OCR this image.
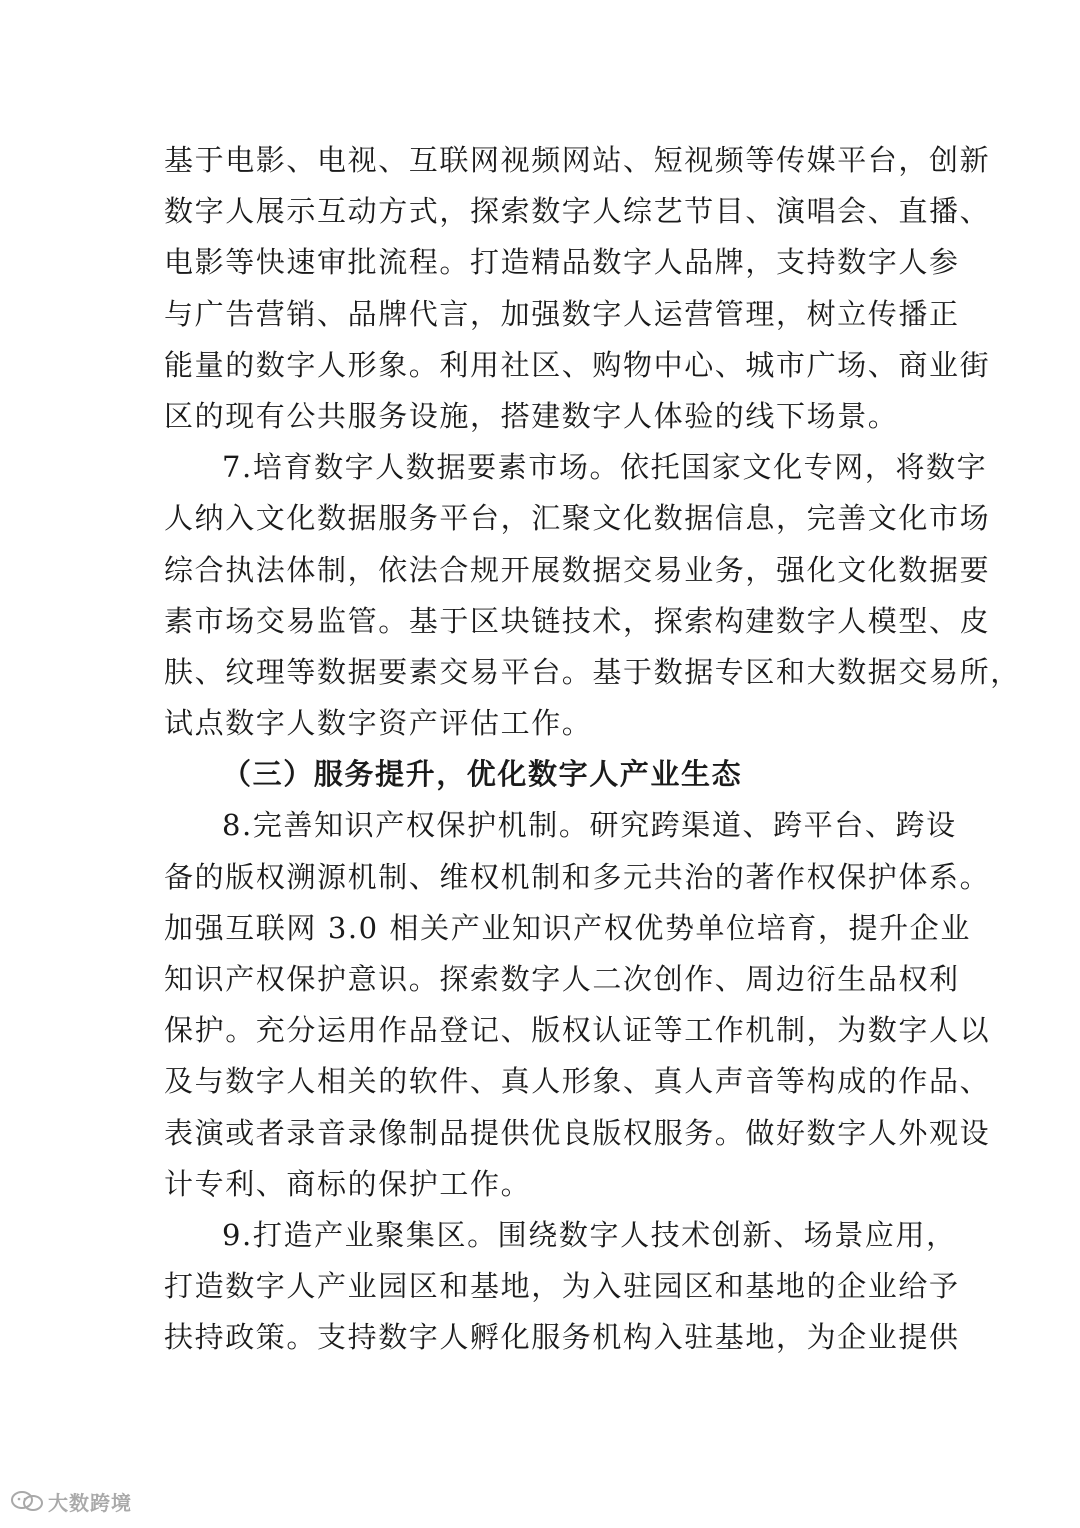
基于电影、电视、互联网视频网站、短视频等传媒平台，创新
数字人展示互动方式，探索数字人综艺节目、演唱会、直播、
电影等快速审批流程。打造精品数字人品牌，支持数字人参
与广告营销、品牌代言，加强数字人运营管理，树立传播正
能量的数字人形象。利用社区、购物中心、城市广场、商业街
区的现有公共服务设施，搭建数字人体验的线下场景。
7.培育数字人数据要素市场。依托国家文化专网，将数字
人纳入文化数据服务平台，汇聚文化数据信息，完善文化市场
综合执法体制，依法合规开展数据交易业务，强化文化数据要
素市场交易监管。基于区块链技术，探索构建数字人模型、皮
肤、纹理等数据要素交易平台。基于数据专区和大数据交易所，
试点数字人数字资产评估工作。
（三）服务提升，优化数字人产业生态
8.完善知识产权保护机制。研究跨渠道、跨平台、跨设
备的版权溯源机制、维权机制和多元共治的著作权保护体系。
加强互联网 3.0 相关产业知识产权优势单位培育，提升企业
知识产权保护意识。探索数字人二次创作、周边衍生品权利
保护。充分运用作品登记、版权认证等工作机制，为数字人以
及与数字人相关的软件、真人形象、真人声音等构成的作品、
表演或者录音录像制品提供优良版权服务。做好数字人外观设
计专利、商标的保护工作。
9.打造产业聚集区。围绕数字人技术创新、场景应用，
打造数字人产业园区和基地，为入驻园区和基地的企业给予
扶持政策。支持数字人孵化服务机构入驻基地，为企业提供
大数跨境
